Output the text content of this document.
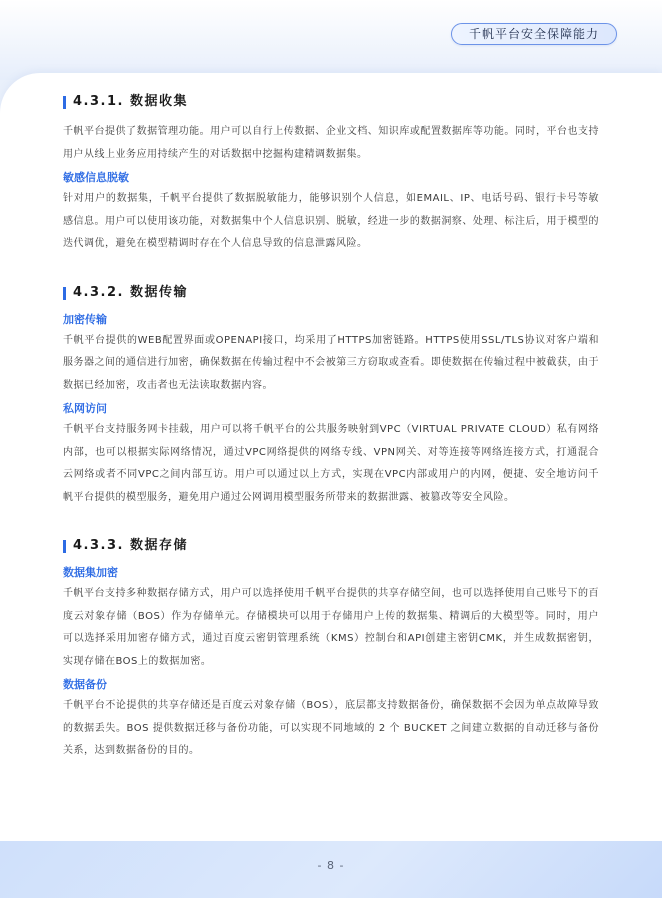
千帆平台安全保障能力
4.3.1. 数据收集

千帆平台提供了数据管理功能。用户可以自行上传数据、企业文档、知识库或配置数据库等功能。同时，平台也支持用户从线上业务应用持续产生的对话数据中挖掘构建精调数据集。

敏感信息脱敏

针对用户的数据集，千帆平台提供了数据脱敏能力，能够识别个人信息，如EMAIL、IP、电话号码、银行卡号等敏感信息。用户可以使用该功能，对数据集中个人信息识别、脱敏，经进一步的数据洞察、处理、标注后，用于模型的迭代调优，避免在模型精调时存在个人信息导致的信息泄露风险。

4.3.2. 数据传输
加密传输

千帆平台提供的WEB配置界面或OPENAPI接口，均采用了HTTPS加密链路。HTTPS使用SSL/TLS协议对客户端和服务器之间的通信进行加密，确保数据在传输过程中不会被第三方窃取或查看。即使数据在传输过程中被截获，由于数据已经加密，攻击者也无法读取数据内容。

私网访问

千帆平台支持服务网卡挂载，用户可以将千帆平台的公共服务映射到VPC（VIRTUAL PRIVATE CLOUD）私有网络内部，也可以根据实际网络情况，通过VPC网络提供的网络专线、VPN网关、对等连接等网络连接方式，打通混合云网络或者不同VPC之间内部互访。用户可以通过以上方式，实现在VPC内部或用户的内网，便捷、安全地访问千帆平台提供的模型服务，避免用户通过公网调用模型服务所带来的数据泄露、被篡改等安全风险。

4.3.3. 数据存储
数据集加密

千帆平台支持多种数据存储方式，用户可以选择使用千帆平台提供的共享存储空间，也可以选择使用自己账号下的百度云对象存储（BOS）作为存储单元。存储模块可以用于存储用户上传的数据集、精调后的大模型等。同时，用户可以选择采用加密存储方式，通过百度云密钥管理系统（KMS）控制台和API创建主密钥CMK，并生成数据密钥，实现存储在BOS上的数据加密。

数据备份

千帆平台不论提供的共享存储还是百度云对象存储（BOS），底层都支持数据备份，确保数据不会因为单点故障导致的数据丢失。BOS 提供数据迁移与备份功能，可以实现不同地域的 2 个 BUCKET 之间建立数据的自动迁移与备份关系，达到数据备份的目的。

- 8 -
